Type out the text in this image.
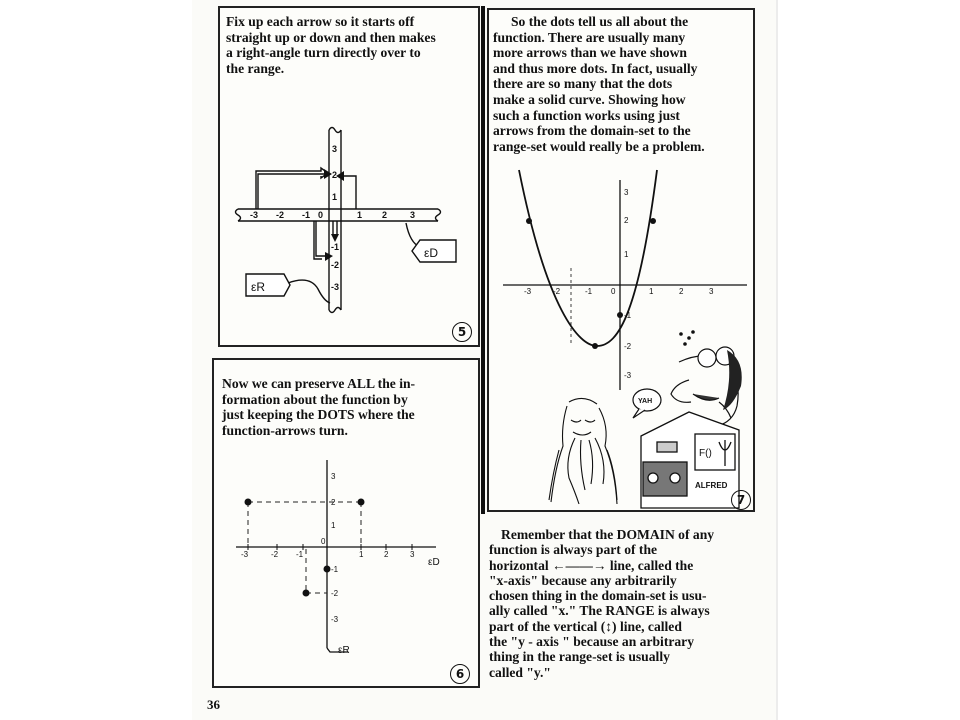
Fix up each arrow so it starts off
straight up or down and then makes
a right-angle turn directly over to
the range.
-3 -2 -1 0	1 2	3
3
2
1
-1
-2
-3
εD
εR
5
Now we can preserve ALL the in-
formation about the function by
just keeping the DOTS where the
function-arrows turn.
-3	-2 -1
0
1	2	3
3
2
1
-1
-2
-3
εD
εR
6
So the dots tell us all about the
function. There are usually many
more arrows than we have shown
and thus more dots. In fact, usually
there are so many that the dots
make a solid curve. Showing how
such a function works using just
arrows from the domain-set to the
range-set would really be a problem.
-3	-2	-1 0	1	2	3
3
2
1
-1
-2
-3
YAH
F()
ALFRED
7
Remember that the DOMAIN of any
function is always part of the
horizontal ←——→ line, called the
"x-axis" because any arbitrarily
chosen thing in the domain-set is usu-
ally called "x." The RANGE is always
part of the vertical (↕) line, called
the "y - axis " because an arbitrary
thing in the range-set is usually
called "y."
36
